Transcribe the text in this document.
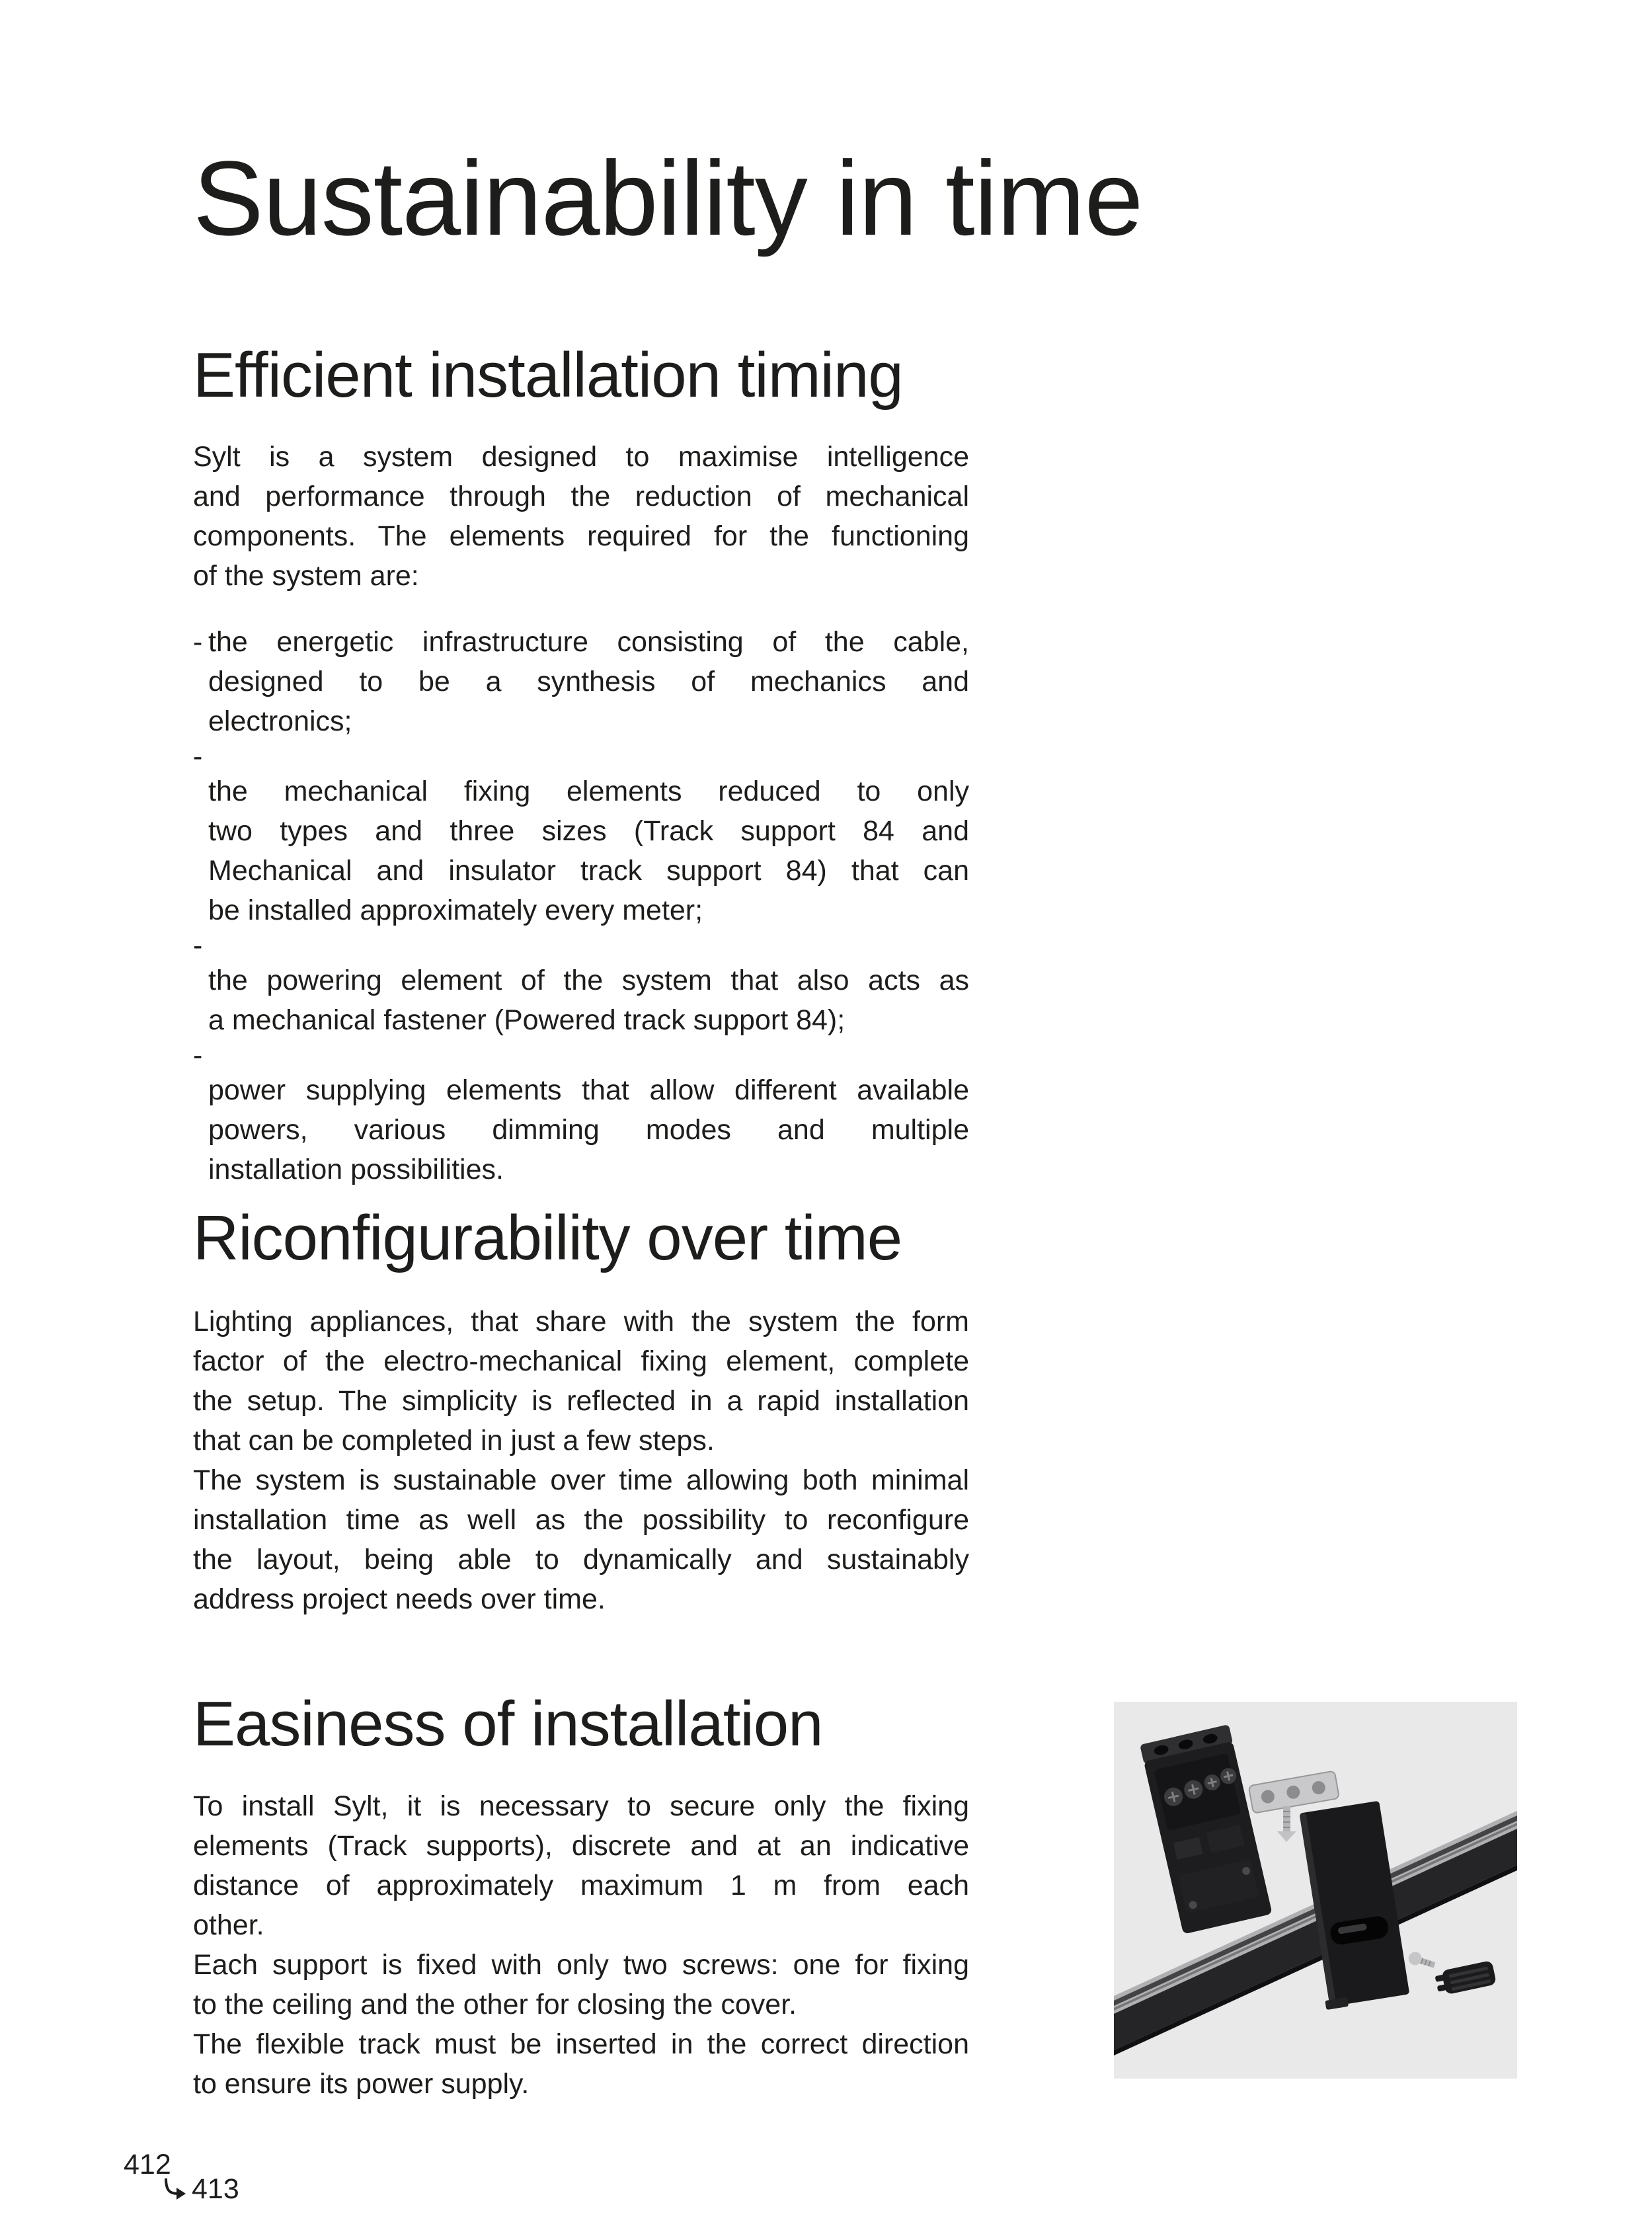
Sustainability in time
Efficient installation timing
Sylt is a system designed to maximise intelligence
and performance through the reduction of mechanical
components. The elements required for the functioning
of the system are:
- the energetic infrastructure consisting of the cable,
designed to be a synthesis of mechanics and
electronics;
-
the mechanical fixing elements reduced to only
two types and three sizes (Track support 84 and
Mechanical and insulator track support 84) that can
be installed approximately every meter;
-
the powering element of the system that also acts as
a mechanical fastener (Powered track support 84);
-
power supplying elements that allow different available
powers, various dimming modes and multiple
installation possibilities.
Riconfigurability over time
Lighting appliances, that share with the system the form
factor of the electro-mechanical fixing element, complete
the setup. The simplicity is reflected in a rapid installation
that can be completed in just a few steps.
The system is sustainable over time allowing both minimal
installation time as well as the possibility to reconfigure
the layout, being able to dynamically and sustainably
address project needs over time.
Easiness of installation
To install Sylt, it is necessary to secure only the fixing
elements (Track supports), discrete and at an indicative
distance of approximately maximum 1 m from each
other.
Each support is fixed with only two screws: one for fixing
to the ceiling and the other for closing the cover.
The flexible track must be inserted in the correct direction
to ensure its power supply.
412
413
